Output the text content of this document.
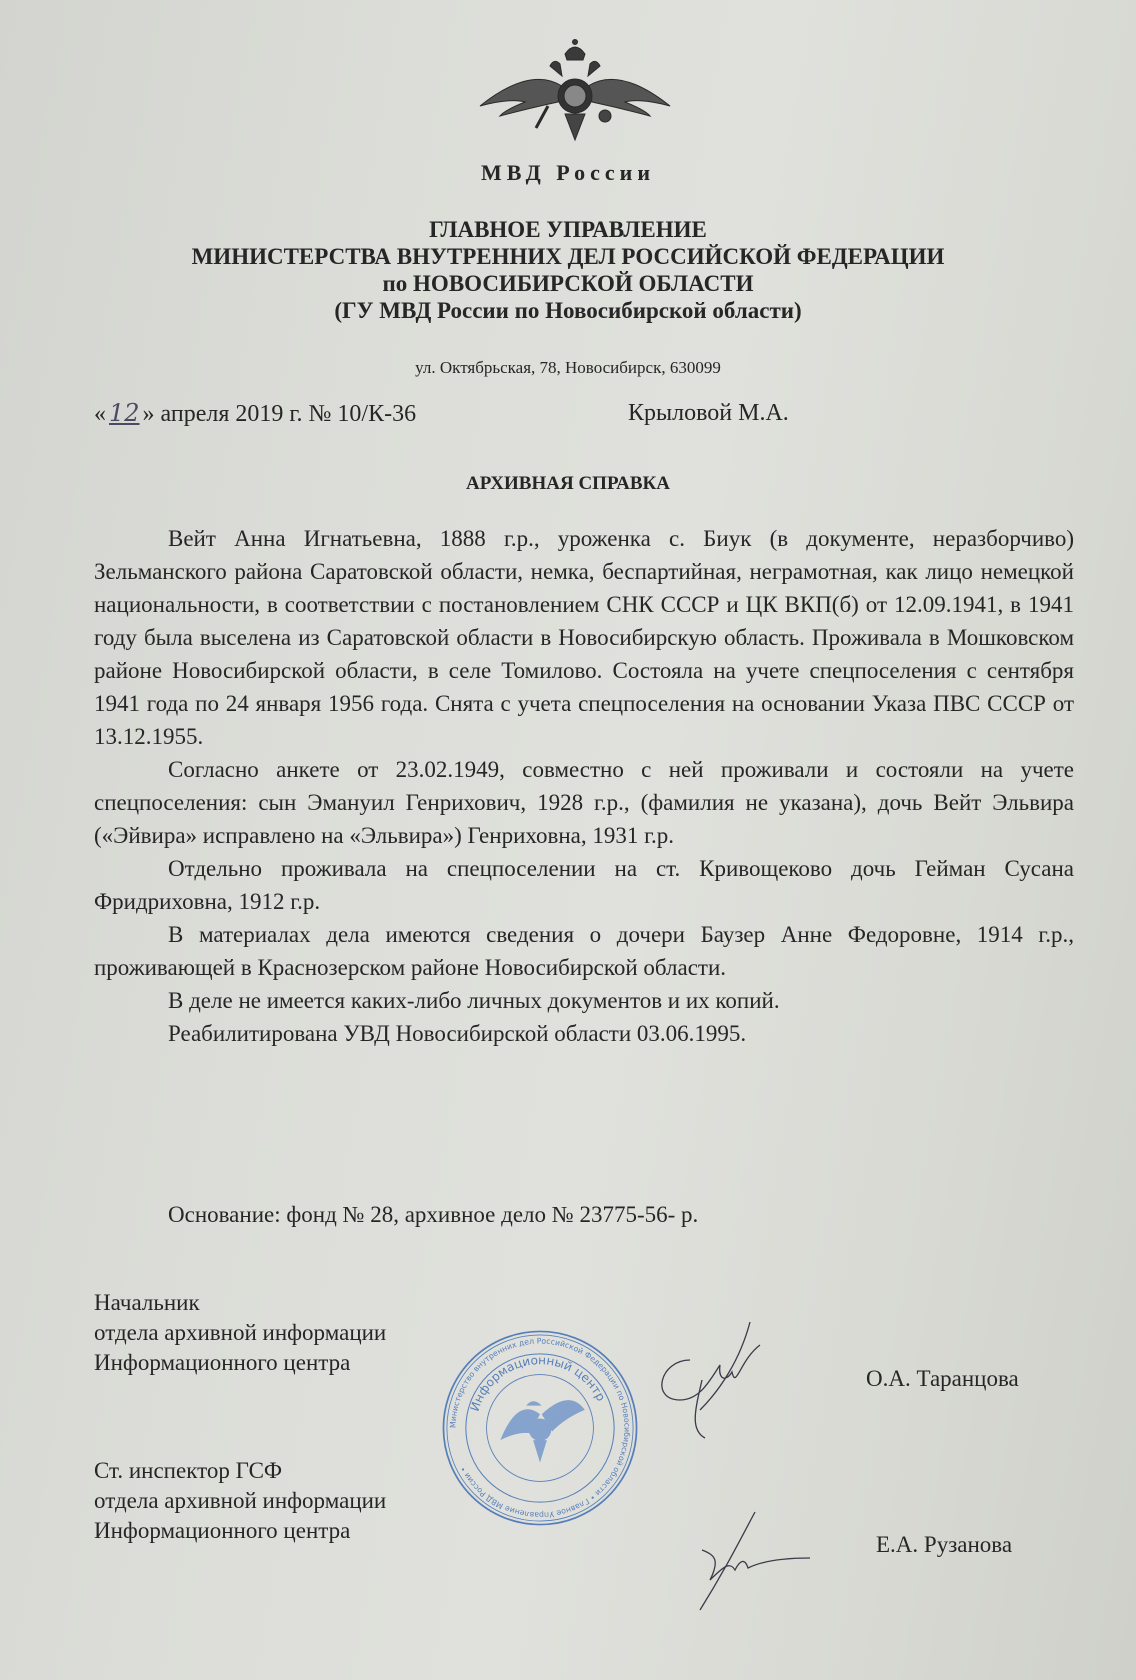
МВД России
ГЛАВНОЕ УПРАВЛЕНИЕ
МИНИСТЕРСТВА ВНУТРЕННИХ ДЕЛ РОССИЙСКОЙ ФЕДЕРАЦИИ
по НОВОСИБИРСКОЙ ОБЛАСТИ
(ГУ МВД России по Новосибирской области)
ул. Октябрьская, 78, Новосибирск, 630099
« 12 » апреля 2019 г. № 10/К-36	Крыловой М.А.
АРХИВНАЯ СПРАВКА

Вейт Анна Игнатьевна, 1888 г.р., уроженка с. Биук (в документе, неразборчиво) Зельманского района Саратовской области, немка, беспартийная, неграмотная, как лицо немецкой национальности, в соответствии с постановлением СНК СССР и ЦК ВКП(б) от 12.09.1941, в 1941 году была выселена из Саратовской области в Новосибирскую область. Проживала в Мошковском районе Новосибирской области, в селе Томилово. Состояла на учете спецпоселения с сентября 1941 года по 24 января 1956 года. Снята с учета спецпоселения на основании Указа ПВС СССР от 13.12.1955.

Согласно анкете от 23.02.1949, совместно с ней проживали и состояли на учете спецпоселения: сын Эмануил Генрихович, 1928 г.р., (фамилия не указана), дочь Вейт Эльвира («Эйвира» исправлено на «Эльвира») Генриховна, 1931 г.р.

Отдельно проживала на спецпоселении на ст. Кривощеково дочь Гейман Сусана Фридриховна, 1912 г.р.

В материалах дела имеются сведения о дочери Баузер Анне Федоровне, 1914 г.р., проживающей в Краснозерском районе Новосибирской области.

В деле не имеется каких-либо личных документов и их копий.

Реабилитирована УВД Новосибирской области 03.06.1995.

Основание: фонд № 28, архивное дело № 23775-56- р.
Начальник
отдела архивной информации
Информационного центра
О.А. Таранцова
Ст. инспектор ГСФ
отдела архивной информации
Информационного центра
Е.А. Рузанова
Министерство внутренних дел Российской Федерации по Новосибирской области • Главное Управление МВД России •
Информационный центр
